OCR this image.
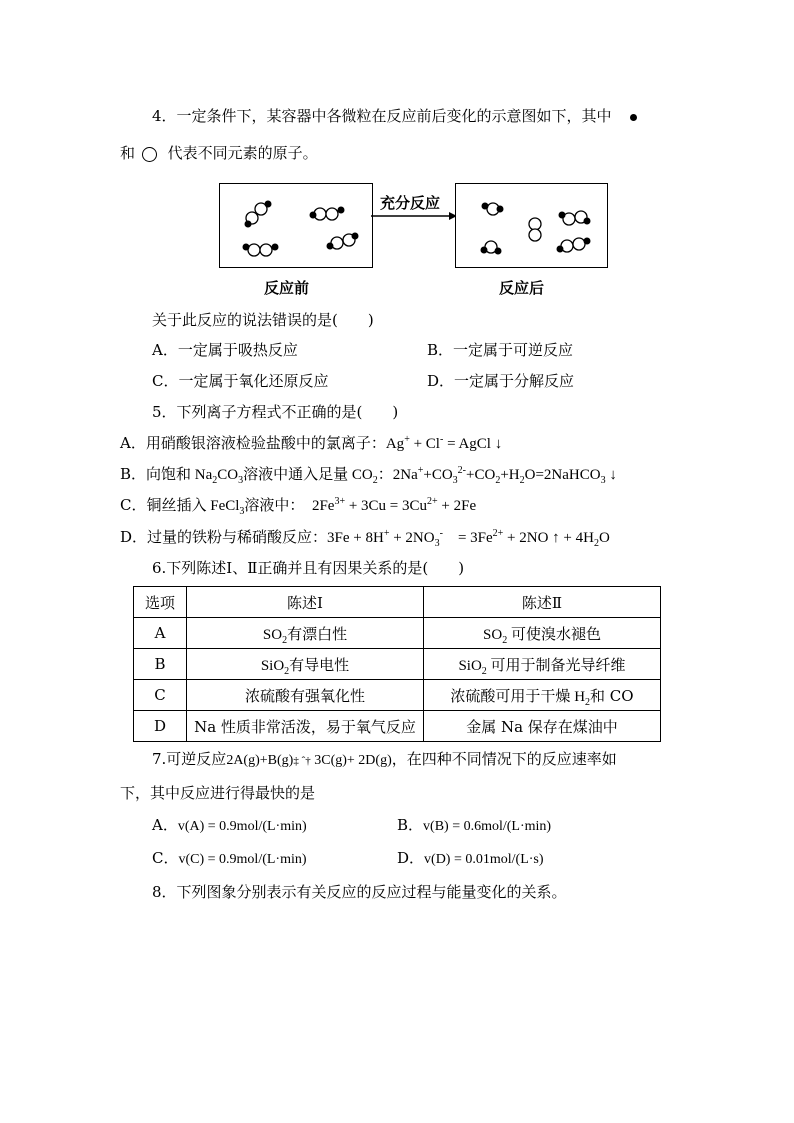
4．一定条件下，某容器中各微粒在反应前后变化的示意图如下，其中
和 代表不同元素的原子。
充分反应
反应前	反应后
关于此反应的说法错误的是(　　)
A．一定属于吸热反应	B．一定属于可逆反应
C．一定属于氧化还原反应	D．一定属于分解反应
5．下列离子方程式不正确的是(　　)
A．用硝酸银溶液检验盐酸中的氯离子：Ag+ + Cl- = AgCl ↓
B．向饱和 $Na_2CO_3$溶液中通入足量 $CO_2$：$2Na^++CO_3^{2-}+CO_2+H_2O=2NaHCO_3$ ↓
C．铜丝插入 FeCl$_3$溶液中：　$2Fe^{3+} + 3Cu = 3Cu^{2+} + 2Fe$
D．过量的铁粉与稀硝酸反应：$3Fe + 8H^+ + 2NO_3^-$　= $3Fe^{2+} + 2NO$ ↑ + $4H_2O$
6.下列陈述Ⅰ、Ⅱ正确并且有因果关系的是(　　)
选项	陈述Ⅰ	陈述Ⅱ
A	$SO_2$有漂白性	$SO_2$ 可使溴水褪色
B	SiO$_2$有导电性	SiO$_2$ 可用于制备光导纤维
C	浓硫酸有强氧化性	浓硫酸可用于干燥 $H_2$和 CO
D	Na 性质非常活泼，易于氧气反应	金属 Na 保存在煤油中
7.可逆反应2A(g)+B(g)‡ ˆ† 3C(g)+ 2D(g)，在四种不同情况下的反应速率如
下，其中反应进行得最快的是
A．v(A) = 0.9mol/(L·min)	B．v(B) = 0.6mol/(L·min)
C．v(C) = 0.9mol/(L·min)	D．v(D) = 0.01mol/(L·s)
8．下列图象分别表示有关反应的反应过程与能量变化的关系。
